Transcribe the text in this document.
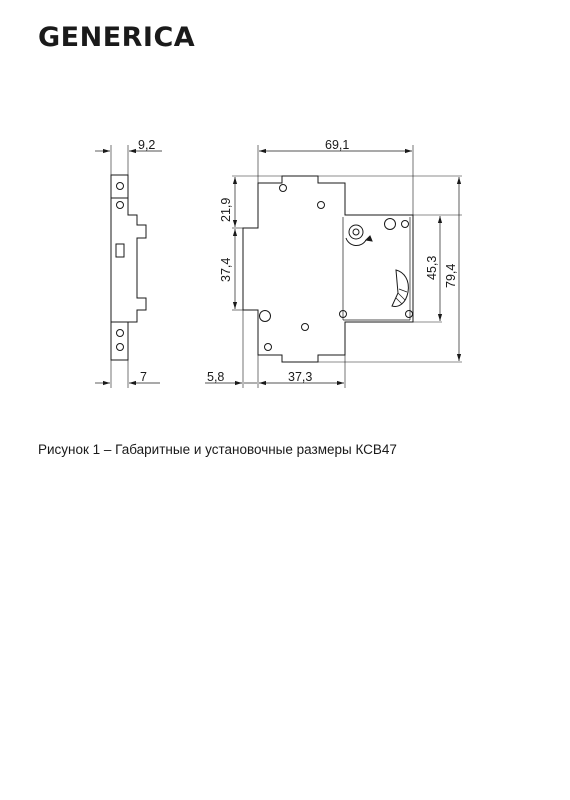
GENERICA
9,2
7
69,1
5,8	37,3
21,9
37,4	45,3 79,4
Рисунок 1 – Габаритные и установочные размеры КСВ47
